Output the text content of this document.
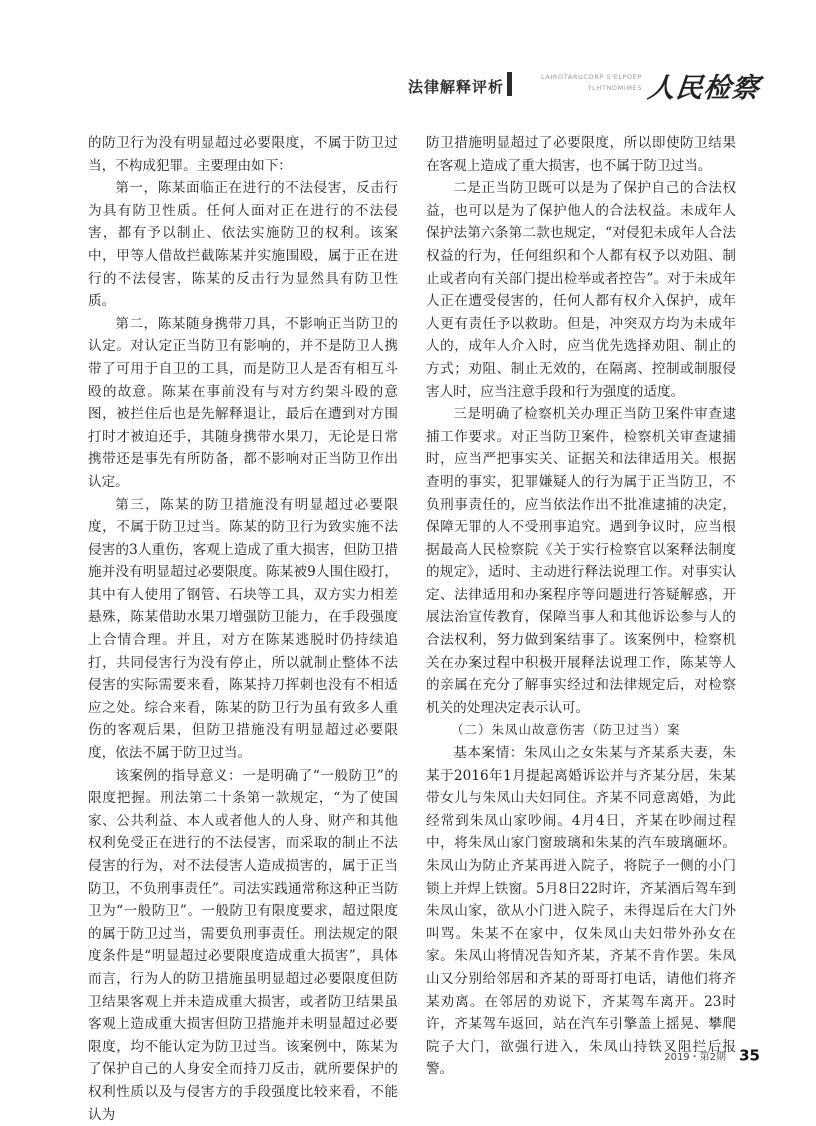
法律解释评析
LAIROTARUCORP S'ELPOEP
YLHTNOMIMES 人民检察

的防卫行为没有明显超过必要限度，不属于防卫过当，不构成犯罪。主要理由如下：

第一，陈某面临正在进行的不法侵害，反击行为具有防卫性质。任何人面对正在进行的不法侵害，都有予以制止、依法实施防卫的权利。该案中，甲等人借故拦截陈某并实施围殴，属于正在进行的不法侵害，陈某的反击行为显然具有防卫性质。

第二，陈某随身携带刀具，不影响正当防卫的认定。对认定正当防卫有影响的，并不是防卫人携带了可用于自卫的工具，而是防卫人是否有相互斗殴的故意。陈某在事前没有与对方约架斗殴的意图，被拦住后也是先解释退让，最后在遭到对方围打时才被迫还手，其随身携带水果刀，无论是日常携带还是事先有所防备，都不影响对正当防卫作出认定。

第三，陈某的防卫措施没有明显超过必要限度，不属于防卫过当。陈某的防卫行为致实施不法侵害的3人重伤，客观上造成了重大损害，但防卫措施并没有明显超过必要限度。陈某被9人围住殴打，其中有人使用了钢管、石块等工具，双方实力相差悬殊，陈某借助水果刀增强防卫能力，在手段强度上合情合理。并且，对方在陈某逃脱时仍持续追打，共同侵害行为没有停止，所以就制止整体不法侵害的实际需要来看，陈某持刀挥刺也没有不相适应之处。综合来看，陈某的防卫行为虽有致多人重伤的客观后果，但防卫措施没有明显超过必要限度，依法不属于防卫过当。

该案例的指导意义：一是明确了“一般防卫”的限度把握。刑法第二十条第一款规定，“为了使国家、公共利益、本人或者他人的人身、财产和其他权利免受正在进行的不法侵害，而采取的制止不法侵害的行为，对不法侵害人造成损害的，属于正当防卫，不负刑事责任”。司法实践通常称这种正当防卫为“一般防卫”。一般防卫有限度要求，超过限度的属于防卫过当，需要负刑事责任。刑法规定的限度条件是“明显超过必要限度造成重大损害”，具体而言，行为人的防卫措施虽明显超过必要限度但防卫结果客观上并未造成重大损害，或者防卫结果虽客观上造成重大损害但防卫措施并未明显超过必要限度，均不能认定为防卫过当。该案例中，陈某为了保护自己的人身安全而持刀反击，就所要保护的权利性质以及与侵害方的手段强度比较来看，不能认为

防卫措施明显超过了必要限度，所以即使防卫结果在客观上造成了重大损害，也不属于防卫过当。

二是正当防卫既可以是为了保护自己的合法权益，也可以是为了保护他人的合法权益。未成年人保护法第六条第二款也规定，“对侵犯未成年人合法权益的行为，任何组织和个人都有权予以劝阻、制止或者向有关部门提出检举或者控告”。对于未成年人正在遭受侵害的，任何人都有权介入保护，成年人更有责任予以救助。但是，冲突双方均为未成年人的，成年人介入时，应当优先选择劝阻、制止的方式；劝阻、制止无效的，在隔离、控制或制服侵害人时，应当注意手段和行为强度的适度。

三是明确了检察机关办理正当防卫案件审查逮捕工作要求。对正当防卫案件，检察机关审查逮捕时，应当严把事实关、证据关和法律适用关。根据查明的事实，犯罪嫌疑人的行为属于正当防卫，不负刑事责任的，应当依法作出不批准逮捕的决定，保障无罪的人不受刑事追究。遇到争议时，应当根据最高人民检察院《关于实行检察官以案释法制度的规定》，适时、主动进行释法说理工作。对事实认定、法律适用和办案程序等问题进行答疑解惑，开展法治宣传教育，保障当事人和其他诉讼参与人的合法权利，努力做到案结事了。该案例中，检察机关在办案过程中积极开展释法说理工作，陈某等人的亲属在充分了解事实经过和法律规定后，对检察机关的处理决定表示认可。

（二）朱凤山故意伤害（防卫过当）案

基本案情：朱凤山之女朱某与齐某系夫妻，朱某于2016年1月提起离婚诉讼并与齐某分居，朱某带女儿与朱凤山夫妇同住。齐某不同意离婚，为此经常到朱凤山家吵闹。4月4日，齐某在吵闹过程中，将朱凤山家门窗玻璃和朱某的汽车玻璃砸坏。朱凤山为防止齐某再进入院子，将院子一侧的小门锁上并焊上铁窗。5月8日22时许，齐某酒后驾车到朱凤山家，欲从小门进入院子，未得逞后在大门外叫骂。朱某不在家中，仅朱凤山夫妇带外孙女在家。朱凤山将情况告知齐某，齐某不肯作罢。朱凤山又分别给邻居和齐某的哥哥打电话，请他们将齐某劝离。在邻居的劝说下，齐某驾车离开。23时许，齐某驾车返回，站在汽车引擎盖上摇晃、攀爬院子大门，欲强行进入，朱凤山持铁叉阻拦后报警。

2019・第2期 35
